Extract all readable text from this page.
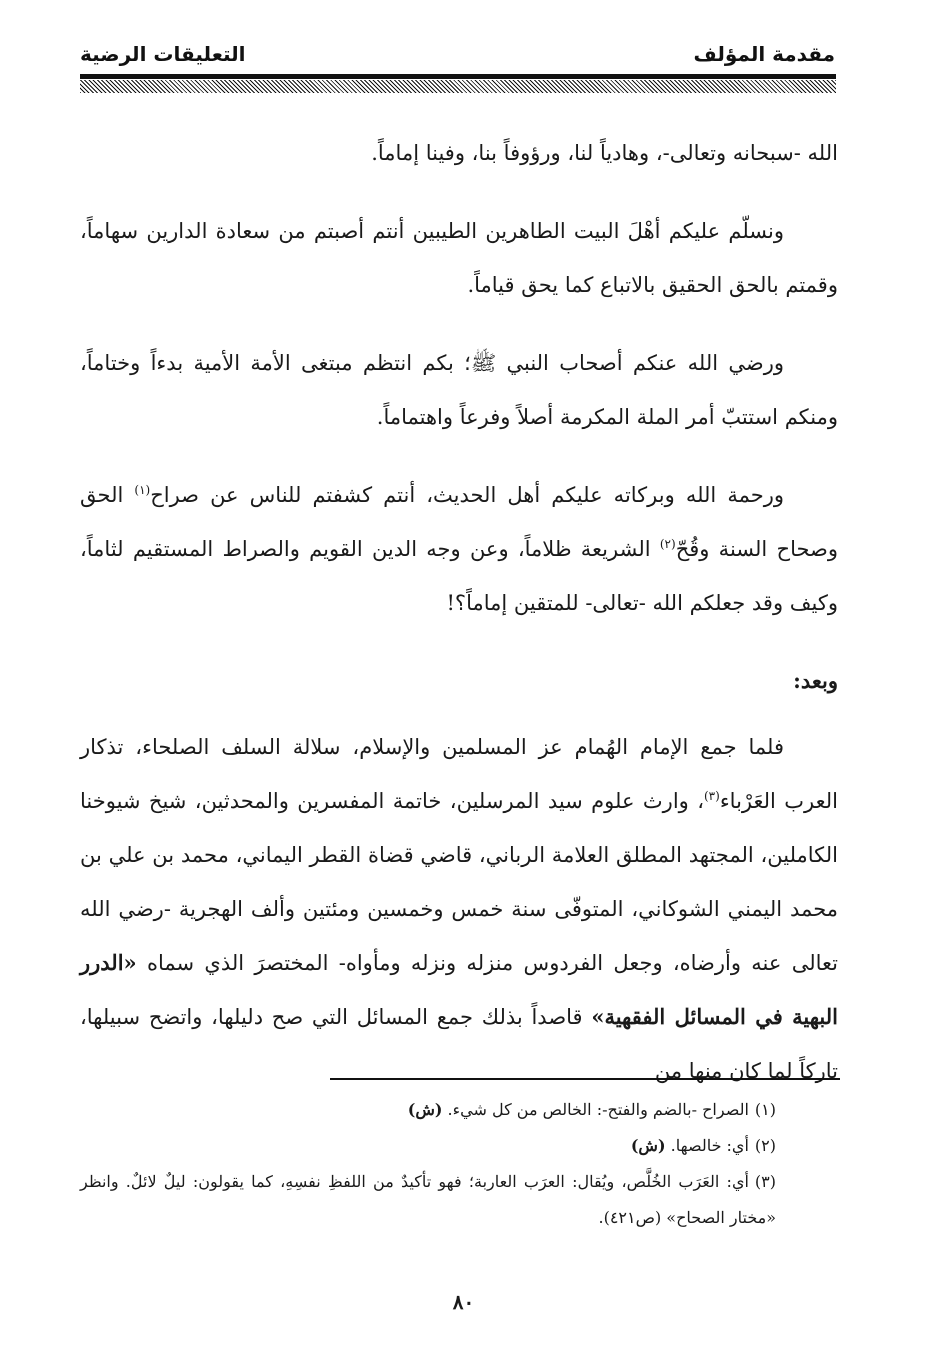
مقدمة المؤلف
التعليقات الرضية

الله -سبحانه وتعالى-، وهادياً لنا، ورؤوفاً بنا، وفينا إماماً.

ونسلّم عليكم أهْلَ البيت الطاهرين الطيبين أنتم أصبتم من سعادة الدارين سهاماً، وقمتم بالحق الحقيق بالاتباع كما يحق قياماً.

ورضي الله عنكم أصحاب النبي ﷺ؛ بكم انتظم مبتغى الأمة الأمية بدءاً وختاماً، ومنكم استتبّ أمر الملة المكرمة أصلاً وفرعاً واهتماماً.

ورحمة الله وبركاته عليكم أهل الحديث، أنتم كشفتم للناس عن صراح$^{(١)}$ الحق وصحاح السنة وقُحّ$^{(٢)}$ الشريعة ظلاماً، وعن وجه الدين القويم والصراط المستقيم لثاماً، وكيف وقد جعلكم الله -تعالى- للمتقين إماماً؟!

وبعد:

فلما جمع الإمام الهُمام عز المسلمين والإسلام، سلالة السلف الصلحاء، تذكار العرب العَرْباء$^{(٣)}$، وارث علوم سيد المرسلين، خاتمة المفسرين والمحدثين، شيخ شيوخنا الكاملين، المجتهد المطلق العلامة الرباني، قاضي قضاة القطر اليماني، محمد بن علي بن محمد اليمني الشوكاني، المتوفّى سنة خمس وخمسين ومئتين وألف الهجرية -رضي الله تعالى عنه وأرضاه، وجعل الفردوس منزله ونزله ومأواه- المختصرَ الذي سماه «الدرر البهية في المسائل الفقهية» قاصداً بذلك جمع المسائل التي صح دليلها، واتضح سبيلها، تاركاً لما كان منها من

(١)الصراح -بالضم والفتح-: الخالص من كل شيء. (ش)

(٢)أي: خالصها. (ش)

(٣)أي: العَرَب الخُلَّص، ويُقال: العرَب العاربة؛ فهو تأكيدٌ من اللفظِ نفسِهِ، كما يقولون: ليلٌ لائلٌ. وانظر «مختار الصحاح» (ص٤٢١).

٨٠
